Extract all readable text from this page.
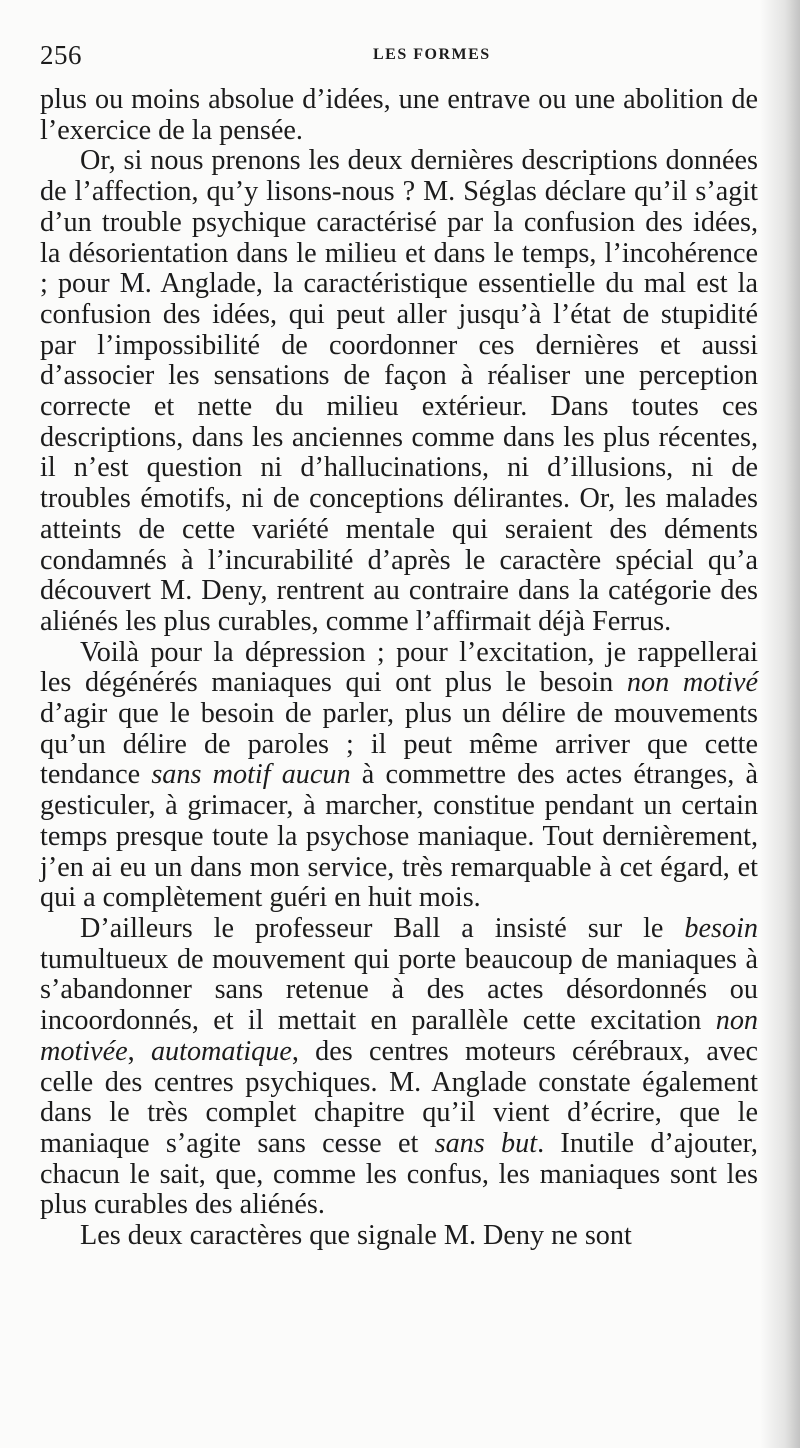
256	LES FORMES

plus ou moins absolue d’idées, une entrave ou une abolition de l’exercice de la pensée.

Or, si nous prenons les deux dernières descriptions données de l’affection, qu’y lisons-nous ? M. Séglas déclare qu’il s’agit d’un trouble psychique caractérisé par la confusion des idées, la désorientation dans le milieu et dans le temps, l’incohérence ; pour M. Anglade, la caractéristique essentielle du mal est la confusion des idées, qui peut aller jusqu’à l’état de stupidité par l’impossibilité de coordonner ces dernières et aussi d’associer les sensations de façon à réaliser une perception correcte et nette du milieu extérieur. Dans toutes ces descriptions, dans les anciennes comme dans les plus récentes, il n’est question ni d’hallucinations, ni d’illusions, ni de troubles émotifs, ni de conceptions délirantes. Or, les malades atteints de cette variété mentale qui seraient des déments condamnés à l’incurabilité d’après le caractère spécial qu’a découvert M. Deny, rentrent au contraire dans la catégorie des aliénés les plus curables, comme l’affirmait déjà Ferrus.

Voilà pour la dépression ; pour l’excitation, je rappellerai les dégénérés maniaques qui ont plus le besoin non motivé d’agir que le besoin de parler, plus un délire de mouvements qu’un délire de paroles ; il peut même arriver que cette tendance sans motif aucun à commettre des actes étranges, à gesticuler, à grimacer, à marcher, constitue pendant un certain temps presque toute la psychose maniaque. Tout dernièrement, j’en ai eu un dans mon service, très remarquable à cet égard, et qui a complètement guéri en huit mois.

D’ailleurs le professeur Ball a insisté sur le besoin tumultueux de mouvement qui porte beaucoup de maniaques à s’abandonner sans retenue à des actes désordonnés ou incoordonnés, et il mettait en parallèle cette excitation non motivée, automatique, des centres moteurs cérébraux, avec celle des centres psychiques. M. Anglade constate également dans le très complet chapitre qu’il vient d’écrire, que le maniaque s’agite sans cesse et sans but. Inutile d’ajouter, chacun le sait, que, comme les confus, les maniaques sont les plus curables des aliénés.

Les deux caractères que signale M. Deny ne sont
